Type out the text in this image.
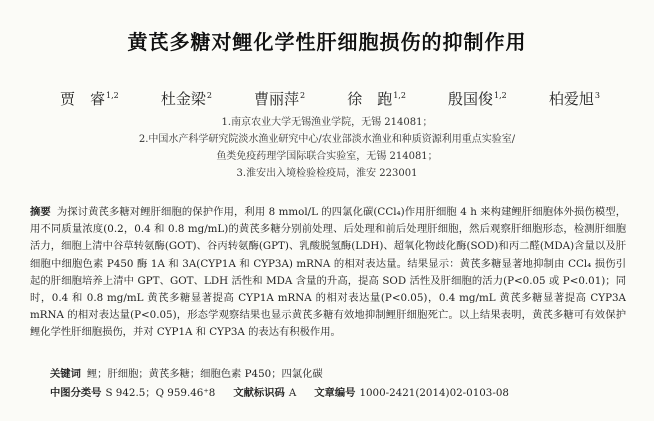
黄芪多糖对鲤化学性肝细胞损伤的抑制作用
贾　睿$^{1,2}$	杜金梁$^2$	曹丽萍$^2$	徐　跑$^{1,2}$	殷国俊$^{1,2}$	柏爱旭$^3$
1.南京农业大学无锡渔业学院，无锡 214081；
2.中国水产科学研究院淡水渔业研究中心/农业部淡水渔业和种质资源利用重点实验室/
鱼类免疫药理学国际联合实验室，无锡 214081；
3.淮安出入境检验检疫局，淮安 223001
摘要 为探讨黄芪多糖对鲤肝细胞的保护作用，利用 8 mmol/L 的四氯化碳(CCl₄)作用肝细胞 4 h 来构建鲤肝细胞体外损伤模型，用不同质量浓度(0.2，0.4 和 0.8 mg/mL)的黄芪多糖分别前处理、后处理和前后处理肝细胞，然后观察肝细胞形态，检测肝细胞活力，细胞上清中谷草转氨酶(GOT)、谷丙转氨酶(GPT)、乳酸脱氢酶(LDH)、超氧化物歧化酶(SOD)和丙二醛(MDA)含量以及肝细胞中细胞色素 P450 酶 1A 和 3A(CYP1A 和 CYP3A) mRNA 的相对表达量。结果显示：黄芪多糖显著地抑制由 CCl₄ 损伤引起的肝细胞培养上清中 GPT、GOT、LDH 活性和 MDA 含量的升高，提高 SOD 活性及肝细胞的活力(P<0.05 或 P<0.01)；同时，0.4 和 0.8 mg/mL 黄芪多糖显著提高 CYP1A mRNA 的相对表达量(P<0.05)，0.4 mg/mL 黄芪多糖显著提高 CYP3A mRNA 的相对表达量(P<0.05)，形态学观察结果也显示黄芪多糖有效地抑制鲤肝细胞死亡。以上结果表明，黄芪多糖可有效保护鲤化学性肝细胞损伤，并对 CYP1A 和 CYP3A 的表达有积极作用。
关键词 鲤；肝细胞；黄芪多糖；细胞色素 P450；四氯化碳
中图分类号 S 942.5；Q 959.46⁺8 文献标识码 A 文章编号 1000-2421(2014)02-0103-08
